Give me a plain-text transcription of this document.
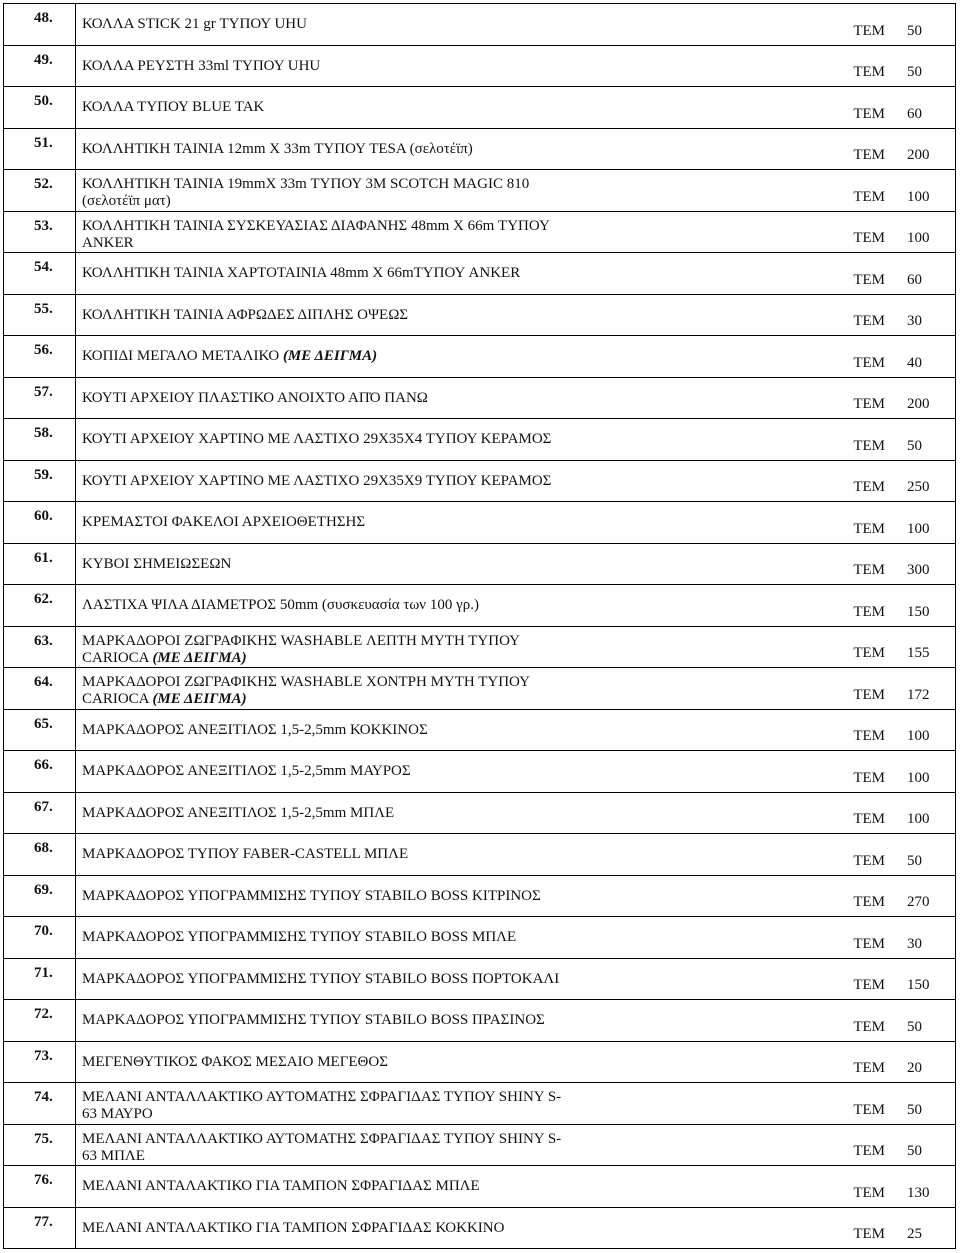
48.	ΚΟΛΛΑ STICK 21 gr ΤΥΠΟΥ UHU ΤΕΜ 50

49.	ΚΟΛΛΑ ΡΕΥΣΤΗ 33ml ΤΥΠΟΥ UHU ΤΕΜ 50

50.	ΚΟΛΛΑ ΤΥΠΟΥ BLUE TAK ΤΕΜ 60

51.	ΚΟΛΛΗΤΙΚΗ ΤΑΙΝΙΑ 12mm X 33m ΤΥΠΟΥ TESA (σελοτέϊπ) ΤΕΜ 200

52.	ΚΟΛΛΗΤΙΚΗ ΤΑΙΝΙΑ 19mmX 33m ΤΥΠΟΥ 3M SCOTCH MAGIC 810
(σελοτέϊπ ματ) ΤΕΜ 100

53.	ΚΟΛΛΗΤΙΚΗ ΤΑΙΝΙΑ ΣΥΣΚΕΥΑΣΙΑΣ ΔΙΑΦΑΝΗΣ 48mm X 66m ΤΥΠΟΥ
ANKER ΤΕΜ 100

54.	ΚΟΛΛΗΤΙΚΗ ΤΑΙΝΙΑ ΧΑΡΤΟΤΑΙΝΙΑ 48mm X 66mΤΥΠΟΥ ANKER ΤΕΜ 60

55.	ΚΟΛΛΗΤΙΚΗ ΤΑΙΝΙΑ ΑΦΡΩΔΕΣ ΔΙΠΛΗΣ ΟΨΕΩΣ ΤΕΜ 30

56.	ΚΟΠΙΔΙ ΜΕΓΑΛΟ ΜΕΤΑΛΙΚΟ (ΜΕ ΔΕΙΓΜΑ) ΤΕΜ 40

57.	ΚΟΥΤΙ ΑΡΧΕΙΟΥ ΠΛΑΣΤΙΚΟ ΑΝΟΙΧΤΟ ΑΠΌ ΠΑΝΩ ΤΕΜ 200

58.	ΚΟΥΤΙ ΑΡΧΕΙΟΥ ΧΑΡΤΙΝΟ ΜΕ ΛΑΣΤΙΧΟ 29Χ35Χ4 ΤΥΠΟΥ ΚΕΡΑΜΟΣ ΤΕΜ 50

59.	ΚΟΥΤΙ ΑΡΧΕΙΟΥ ΧΑΡΤΙΝΟ ΜΕ ΛΑΣΤΙΧΟ 29Χ35Χ9 ΤΥΠΟΥ ΚΕΡΑΜΟΣ ΤΕΜ 250

60.	ΚΡΕΜΑΣΤΟΙ ΦΑΚΕΛΟΙ ΑΡΧΕΙΟΘΕΤΗΣΗΣ ΤΕΜ 100

61.	ΚΥΒΟΙ ΣΗΜΕΙΩΣΕΩΝ ΤΕΜ 300

62.	ΛΑΣΤΙΧΑ ΨΙΛΑ ΔΙΑΜΕΤΡΟΣ 50mm (συσκευασία των 100 γρ.) ΤΕΜ 150

63.	ΜΑΡΚΑΔΟΡΟΙ ΖΩΓΡΑΦΙΚΗΣ WASHABLE ΛΕΠΤΗ ΜΥΤΗ ΤΥΠΟΥ
CARIOCA (ΜΕ ΔΕΙΓΜΑ) ΤΕΜ 155

64.	ΜΑΡΚΑΔΟΡΟΙ ΖΩΓΡΑΦΙΚΗΣ WASHABLE ΧΟΝΤΡΗ ΜΥΤΗ ΤΥΠΟΥ
CARIOCA (ΜΕ ΔΕΙΓΜΑ) ΤΕΜ 172

65.	ΜΑΡΚΑΔΟΡΟΣ ΑΝΕΞΙΤΙΛΟΣ 1,5-2,5mm ΚΟΚΚΙΝΟΣ ΤΕΜ 100

66.	ΜΑΡΚΑΔΟΡΟΣ ΑΝΕΞΙΤΙΛΟΣ 1,5-2,5mm ΜΑΥΡΟΣ ΤΕΜ 100

67.	ΜΑΡΚΑΔΟΡΟΣ ΑΝΕΞΙΤΙΛΟΣ 1,5-2,5mm ΜΠΛΕ ΤΕΜ 100

68.	ΜΑΡΚΑΔΟΡΟΣ ΤΥΠΟΥ FABER-CASTELL ΜΠΛΕ ΤΕΜ 50

69.	ΜΑΡΚΑΔΟΡΟΣ ΥΠΟΓΡΑΜΜΙΣΗΣ ΤΥΠΟΥ STABILO BOSS ΚΙΤΡΙΝΟΣ ΤΕΜ 270

70.	ΜΑΡΚΑΔΟΡΟΣ ΥΠΟΓΡΑΜΜΙΣΗΣ ΤΥΠΟΥ STABILO BOSS ΜΠΛΕ ΤΕΜ 30

71.	ΜΑΡΚΑΔΟΡΟΣ ΥΠΟΓΡΑΜΜΙΣΗΣ ΤΥΠΟΥ STABILO BOSS ΠΟΡΤΟΚΑΛΙ ΤΕΜ 150

72.	ΜΑΡΚΑΔΟΡΟΣ ΥΠΟΓΡΑΜΜΙΣΗΣ ΤΥΠΟΥ STABILO BOSS ΠΡΑΣΙΝΟΣ ΤΕΜ 50

73.	ΜΕΓΕΝΘΥΤΙΚΟΣ ΦΑΚΟΣ ΜΕΣΑΙΟ ΜΕΓΕΘΟΣ ΤΕΜ 20

74.	ΜΕΛΑΝΙ ΑΝΤΑΛΛΑΚΤΙΚΟ ΑΥΤΟΜΑΤΗΣ ΣΦΡΑΓΙΔΑΣ ΤΥΠΟΥ SHINY S-
63 ΜΑΥΡΟ ΤΕΜ 50

75.	ΜΕΛΑΝΙ ΑΝΤΑΛΛΑΚΤΙΚΟ ΑΥΤΟΜΑΤΗΣ ΣΦΡΑΓΙΔΑΣ ΤΥΠΟΥ SHINY S-
63 ΜΠΛΕ ΤΕΜ 50

76.	ΜΕΛΑΝΙ ΑΝΤΑΛΑΚΤΙΚΟ ΓΙΑ ΤΑΜΠΟΝ ΣΦΡΑΓΙΔΑΣ ΜΠΛΕ ΤΕΜ 130

77.	ΜΕΛΑΝΙ ΑΝΤΑΛΑΚΤΙΚΟ ΓΙΑ ΤΑΜΠΟΝ ΣΦΡΑΓΙΔΑΣ ΚΟΚΚΙΝΟ ΤΕΜ 25
